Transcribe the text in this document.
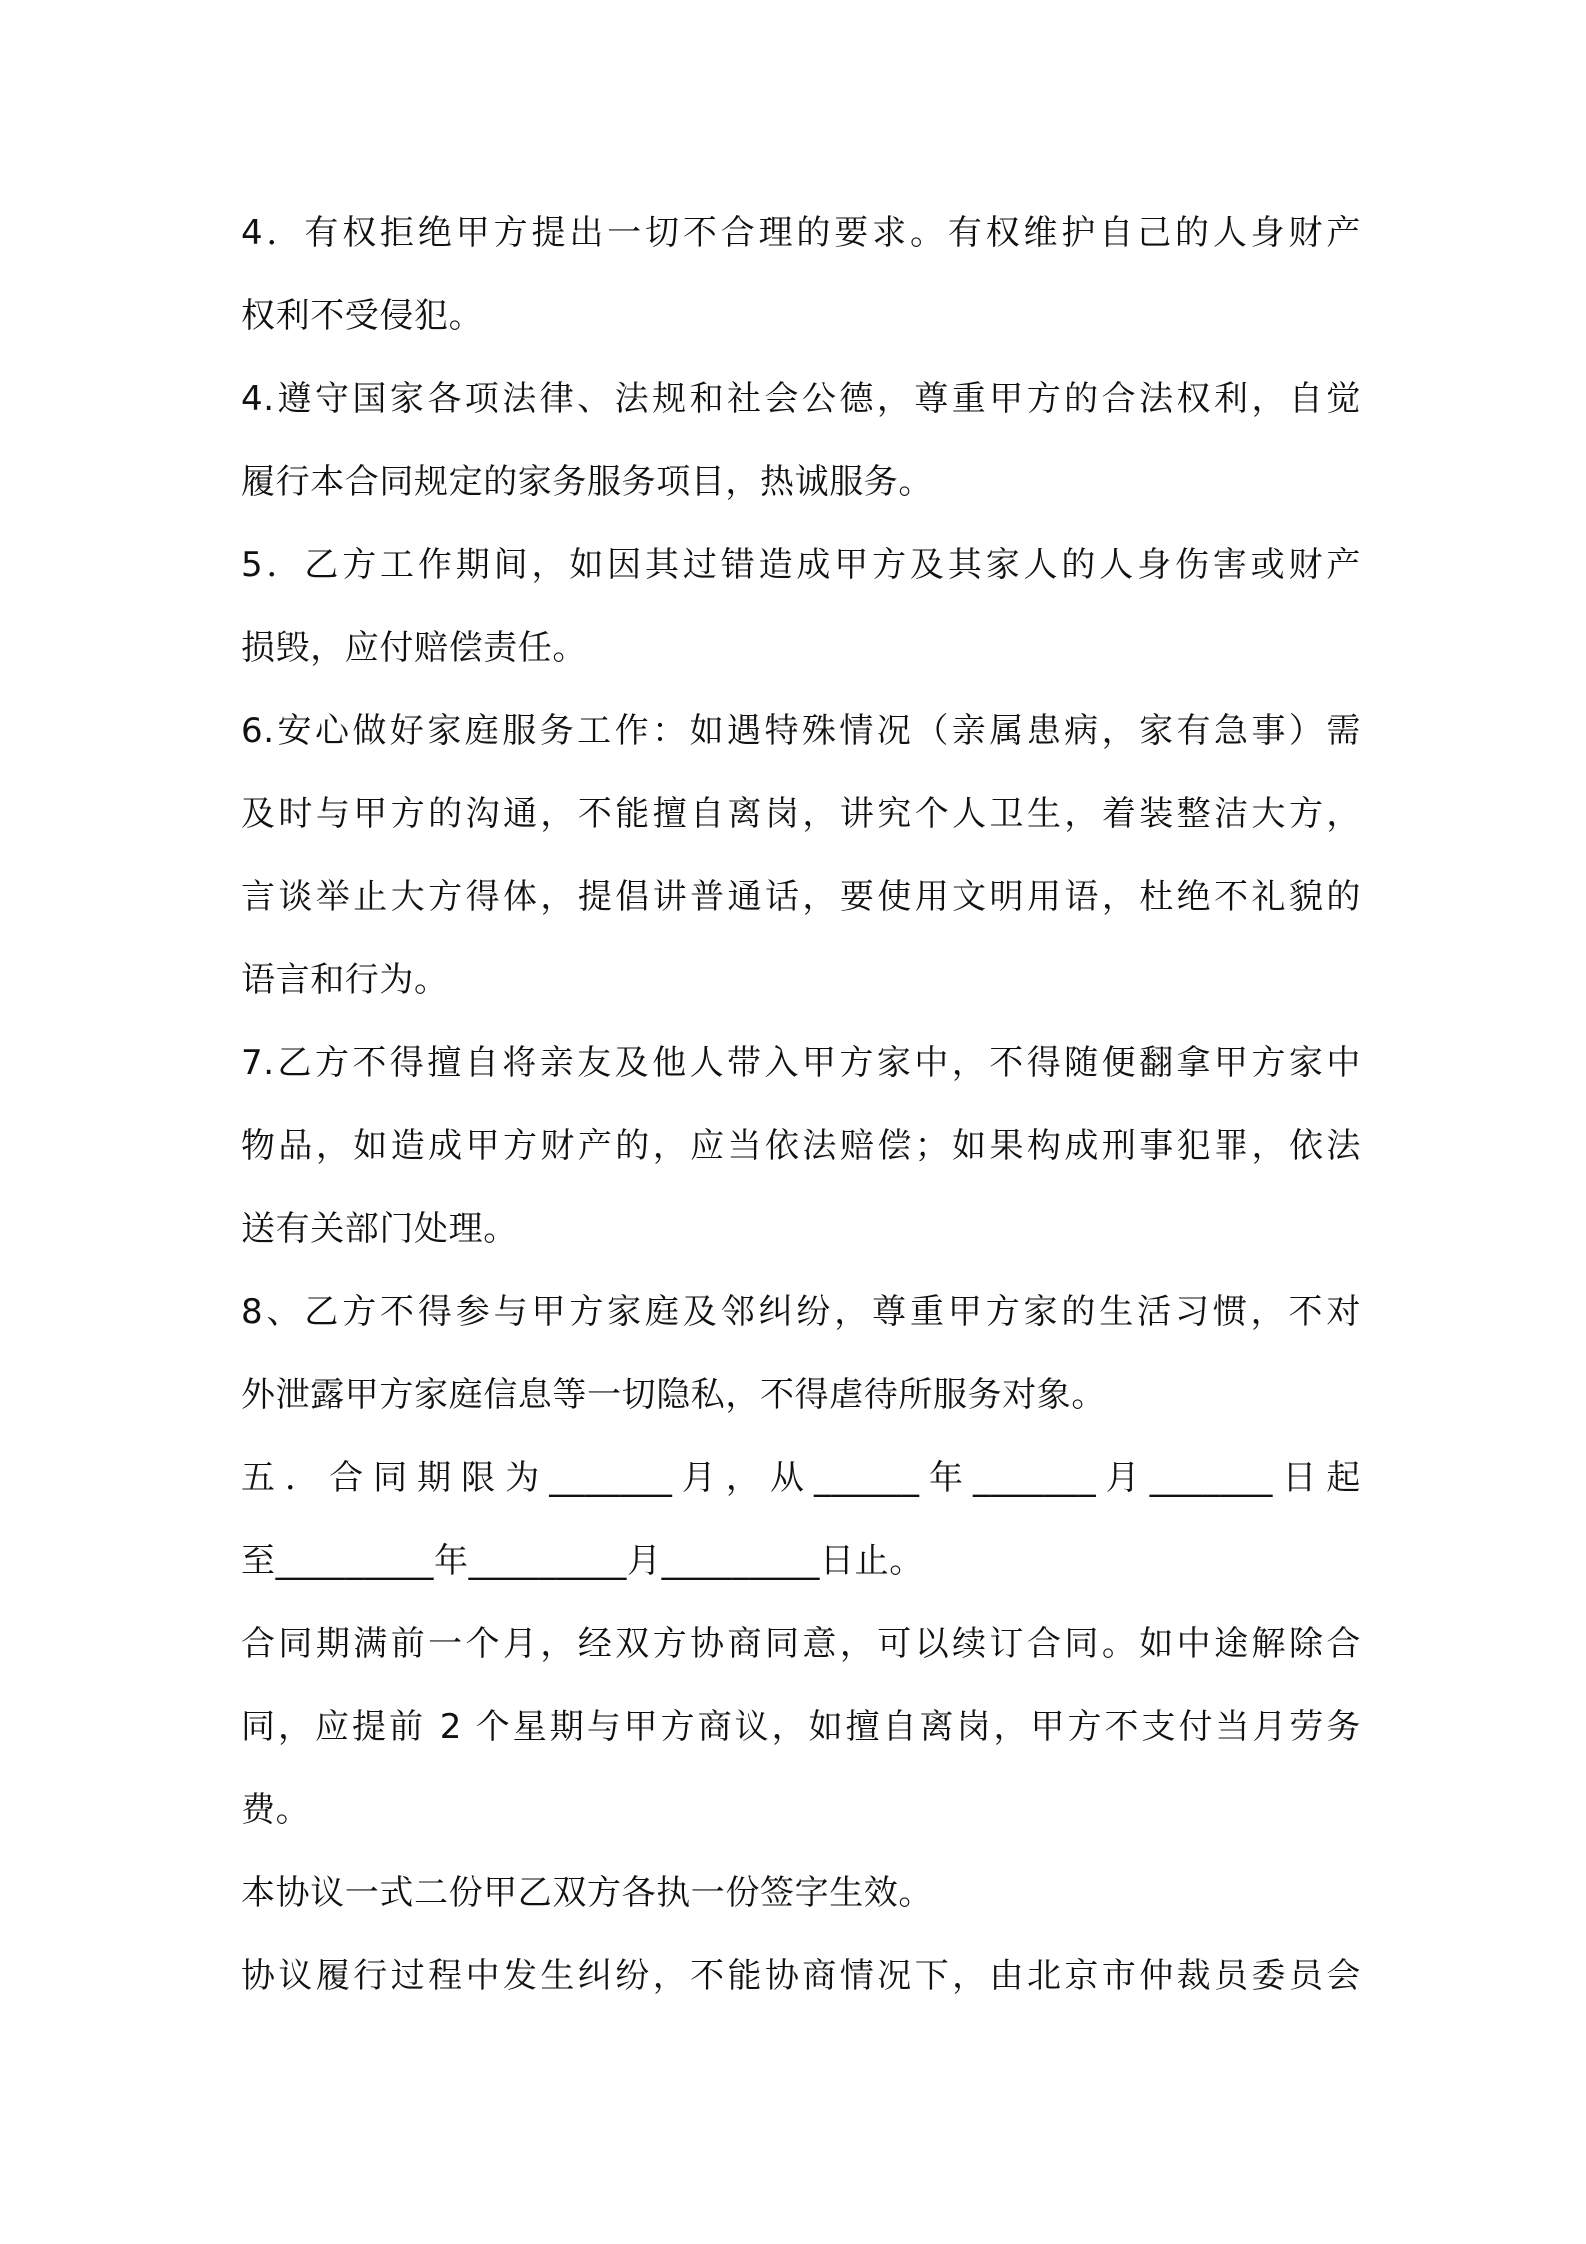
4．有权拒绝甲方提出一切不合理的要求。有权维护自己的人身财产
权利不受侵犯。
4.遵守国家各项法律、法规和社会公德，尊重甲方的合法权利，自觉
履行本合同规定的家务服务项目，热诚服务。
5．乙方工作期间，如因其过错造成甲方及其家人的人身伤害或财产
损毁，应付赔偿责任。
6.安心做好家庭服务工作：如遇特殊情况（亲属患病，家有急事）需
及时与甲方的沟通，不能擅自离岗，讲究个人卫生，着装整洁大方，
言谈举止大方得体，提倡讲普通话，要使用文明用语，杜绝不礼貌的
语言和行为。
7.乙方不得擅自将亲友及他人带入甲方家中，不得随便翻拿甲方家中
物品，如造成甲方财产的，应当依法赔偿；如果构成刑事犯罪，依法
送有关部门处理。
8、乙方不得参与甲方家庭及邻纠纷，尊重甲方家的生活习惯，不对
外泄露甲方家庭信息等一切隐私，不得虐待所服务对象。
五．合同期限为_______月，从______年_______月_______日起
至_________年_________月_________日止。
合同期满前一个月，经双方协商同意，可以续订合同。如中途解除合
同，应提前 2 个星期与甲方商议，如擅自离岗，甲方不支付当月劳务
费。
本协议一式二份甲乙双方各执一份签字生效。
协议履行过程中发生纠纷，不能协商情况下，由北京市仲裁员委员会
